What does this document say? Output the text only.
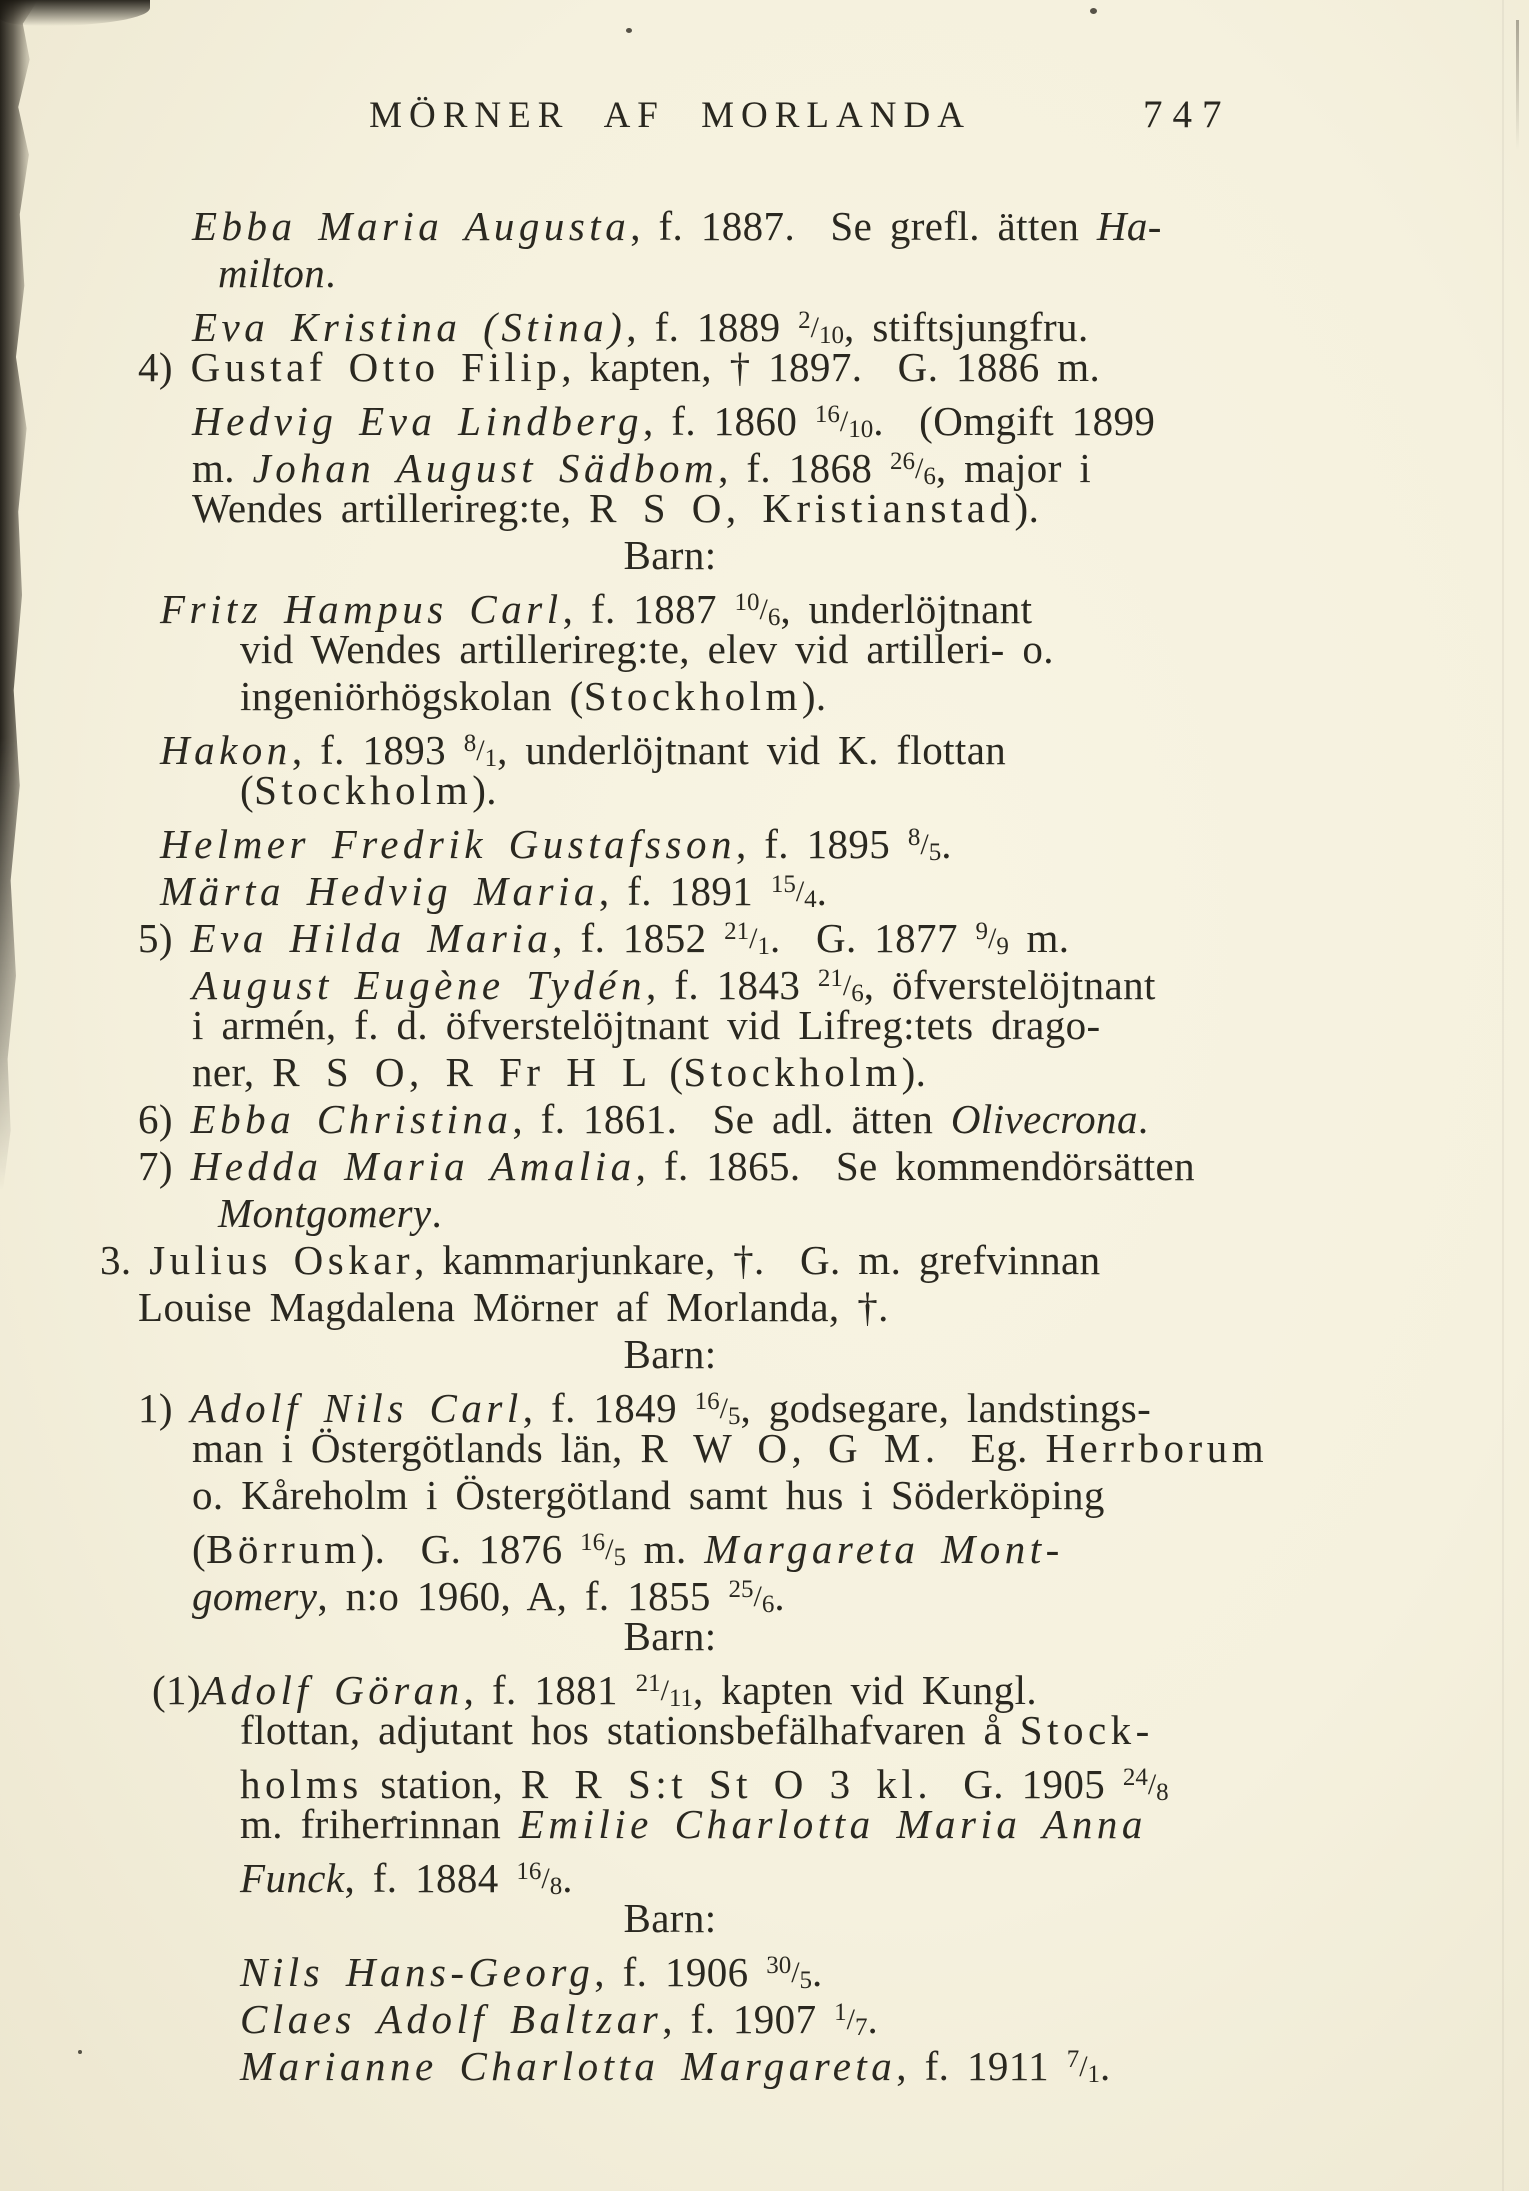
MÖRNER AF MORLANDA	747
Ebba Maria Augusta, f. 1887.  Se grefl. ätten Ha-
milton.
Eva Kristina (Stina), f. 1889 $^2$/10, stiftsjungfru.
4) Gustaf Otto Filip, kapten, † 1897.  G. 1886 m.
Hedvig Eva Lindberg, f. 1860 $^{16}$/10.  (Omgift 1899
m. Johan August Sädbom, f. 1868 $^{26}$/6, major i
Wendes artillerireg:te, R S O, Kristianstad).
Barn:
Fritz Hampus Carl, f. 1887 $^{10}$/6, underlöjtnant
vid Wendes artillerireg:te, elev vid artilleri- o.
ingeniörhögskolan (Stockholm).
Hakon, f. 1893 $^8$/1, underlöjtnant vid K. flottan
(Stockholm).
Helmer Fredrik Gustafsson, f. 1895 $^8$/5.
Märta Hedvig Maria, f. 1891 $^{15}$/4.
5) Eva Hilda Maria, f. 1852 $^{21}$/1.  G. 1877 $^9$/9 m.
August Eugène Tydén, f. 1843 $^{21}$/6, öfverstelöjtnant
i armén, f. d. öfverstelöjtnant vid Lifreg:tets drago-
ner, R S O, R Fr H L (Stockholm).
6) Ebba Christina, f. 1861.  Se adl. ätten Olivecrona.
7) Hedda Maria Amalia, f. 1865.  Se kommendörsätten
Montgomery.
3. Julius Oskar, kammarjunkare, †.  G. m. grefvinnan
Louise Magdalena Mörner af Morlanda, †.
Barn:
1) Adolf Nils Carl, f. 1849 $^{16}$/5, godsegare, landstings-
man i Östergötlands län, R W O, G M.  Eg. Herrborum
o. Kåreholm i Östergötland samt hus i Söderköping
(Börrum).  G. 1876 $^{16}$/5 m. Margareta Mont-
gomery, n:o 1960, A, f. 1855 $^{25}$/6.
Barn:
(1)Adolf Göran, f. 1881 $^{21}$/11, kapten vid Kungl.
flottan, adjutant hos stationsbefälhafvaren å Stock-
holms station, R R S:t St O 3 kl.  G. 1905 $^{24}$/8
m. friherrinnan Emilie Charlotta Maria Anna
Funck, f. 1884 $^{16}$/8.
Barn:
Nils Hans-Georg, f. 1906 $^{30}$/5.
Claes Adolf Baltzar, f. 1907 $^1$/7.
Marianne Charlotta Margareta, f. 1911 $^7$/1.
